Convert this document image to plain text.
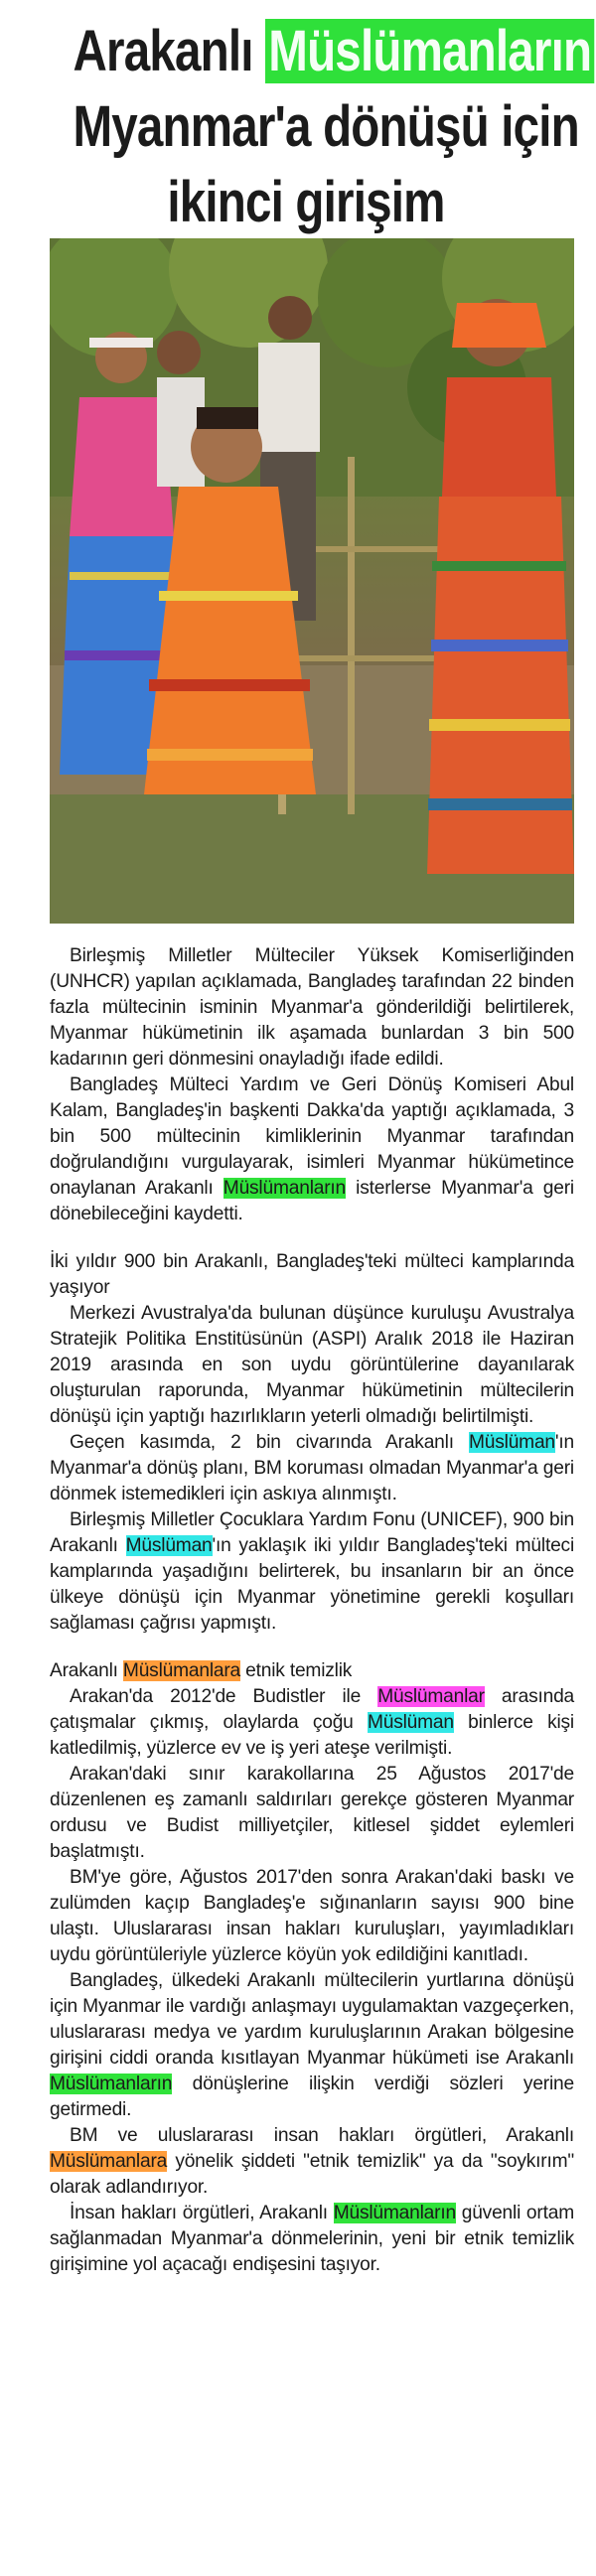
Arakanlı Müslümanların
Myanmar'a dönüşü için
ikinci girişim

Birleşmiş Milletler Mülteciler Yüksek Komiserliğinden (UNHCR) yapılan açıklamada, Bangladeş tarafından 22 binden fazla mültecinin isminin Myanmar'a gönderildiği belirtilerek, Myanmar hükümetinin ilk aşamada bunlardan 3 bin 500 kadarının geri dönmesini onayladığı ifade edildi.

Bangladeş Mülteci Yardım ve Geri Dönüş Komiseri Abul Kalam, Bangladeş'in başkenti Dakka'da yaptığı açıklamada, 3 bin 500 mültecinin kimliklerinin Myanmar tarafından doğrulandığını vurgulayarak, isimleri Myanmar hükümetince onaylanan Arakanlı Müslümanların isterlerse Myanmar'a geri dönebileceğini kaydetti.

İki yıldır 900 bin Arakanlı, Bangladeş'teki mülteci kamplarında yaşıyor

Merkezi Avustralya'da bulunan düşünce kuruluşu Avustralya Stratejik Politika Enstitüsünün (ASPI) Aralık 2018 ile Haziran 2019 arasında en son uydu görüntülerine dayanılarak oluşturulan raporunda, Myanmar hükümetinin mültecilerin dönüşü için yaptığı hazırlıkların yeterli olmadığı belirtilmişti.

Geçen kasımda, 2 bin civarında Arakanlı Müslüman'ın Myanmar'a dönüş planı, BM koruması olmadan Myanmar'a geri dönmek istemedikleri için askıya alınmıştı.

Birleşmiş Milletler Çocuklara Yardım Fonu (UNICEF), 900 bin Arakanlı Müslüman'ın yaklaşık iki yıldır Bangladeş'teki mülteci kamplarında yaşadığını belirterek, bu insanların bir an önce ülkeye dönüşü için Myanmar yönetimine gerekli koşulları sağlaması çağrısı yapmıştı.

Arakanlı Müslümanlara etnik temizlik

Arakan'da 2012'de Budistler ile Müslümanlar arasında çatışmalar çıkmış, olaylarda çoğu Müslüman binlerce kişi katledilmiş, yüzlerce ev ve iş yeri ateşe verilmişti.

Arakan'daki sınır karakollarına 25 Ağustos 2017'de düzenlenen eş zamanlı saldırıları gerekçe gösteren Myanmar ordusu ve Budist milliyetçiler, kitlesel şiddet eylemleri başlatmıştı.

BM'ye göre, Ağustos 2017'den sonra Arakan'daki baskı ve zulümden kaçıp Bangladeş'e sığınanların sayısı 900 bine ulaştı. Uluslararası insan hakları kuruluşları, yayımladıkları uydu görüntüleriyle yüzlerce köyün yok edildiğini kanıtladı.

Bangladeş, ülkedeki Arakanlı mültecilerin yurtlarına dönüşü için Myanmar ile vardığı anlaşmayı uygulamaktan vazgeçerken, uluslararası medya ve yardım kuruluşlarının Arakan bölgesine girişini ciddi oranda kısıtlayan Myanmar hükümeti ise Arakanlı Müslümanların dönüşlerine ilişkin verdiği sözleri yerine getirmedi.

BM ve uluslararası insan hakları örgütleri, Arakanlı Müslümanlara yönelik şiddeti "etnik temizlik" ya da "soykırım" olarak adlandırıyor.

İnsan hakları örgütleri, Arakanlı Müslümanların güvenli ortam sağlanmadan Myanmar'a dönmelerinin, yeni bir etnik temizlik girişimine yol açacağı endişesini taşıyor.
